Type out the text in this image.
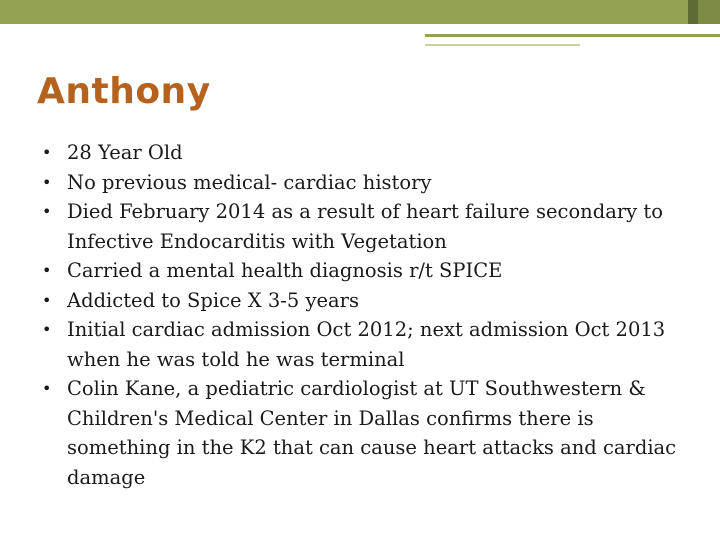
Anthony
• 28 Year Old
• No previous medical- cardiac history
• Died February 2014 as a result of heart failure secondary to Infective Endocarditis with Vegetation
• Carried a mental health diagnosis r/t SPICE
• Addicted to Spice X 3-5 years
• Initial cardiac admission Oct 2012; next admission Oct 2013 when he was told he was terminal
• Colin Kane, a pediatric cardiologist at UT Southwestern & Children's Medical Center in Dallas confirms there is something in the K2 that can cause heart attacks and cardiac damage
